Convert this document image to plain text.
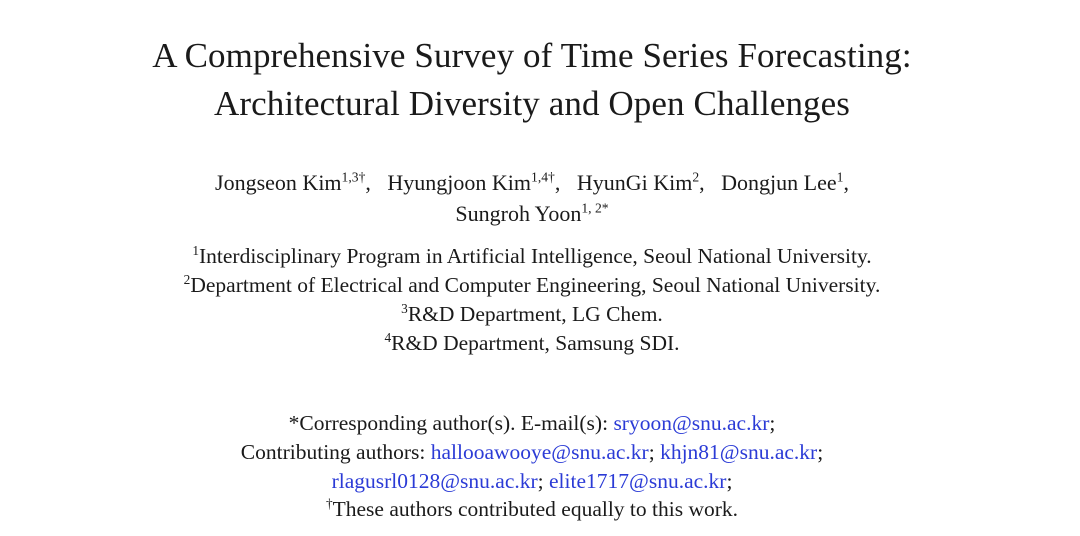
A Comprehensive Survey of Time Series Forecasting:
Architectural Diversity and Open Challenges
Jongseon Kim$^{1,3\dagger}$,   Hyungjoon Kim$^{1,4\dagger}$,   HyunGi Kim$^2$,   Dongjun Lee$^1$,
Sungroh Yoon$^{1, 2*}$
$^1$Interdisciplinary Program in Artificial Intelligence, Seoul National University.
$^2$Department of Electrical and Computer Engineering, Seoul National University.
$^3$R&D Department, LG Chem.
$^4$R&D Department, Samsung SDI.
*Corresponding author(s). E-mail(s): sryoon@snu.ac.kr;
Contributing authors: hallooawooye@snu.ac.kr; khjn81@snu.ac.kr;
rlagusrl0128@snu.ac.kr; elite1717@snu.ac.kr;
†These authors contributed equally to this work.
